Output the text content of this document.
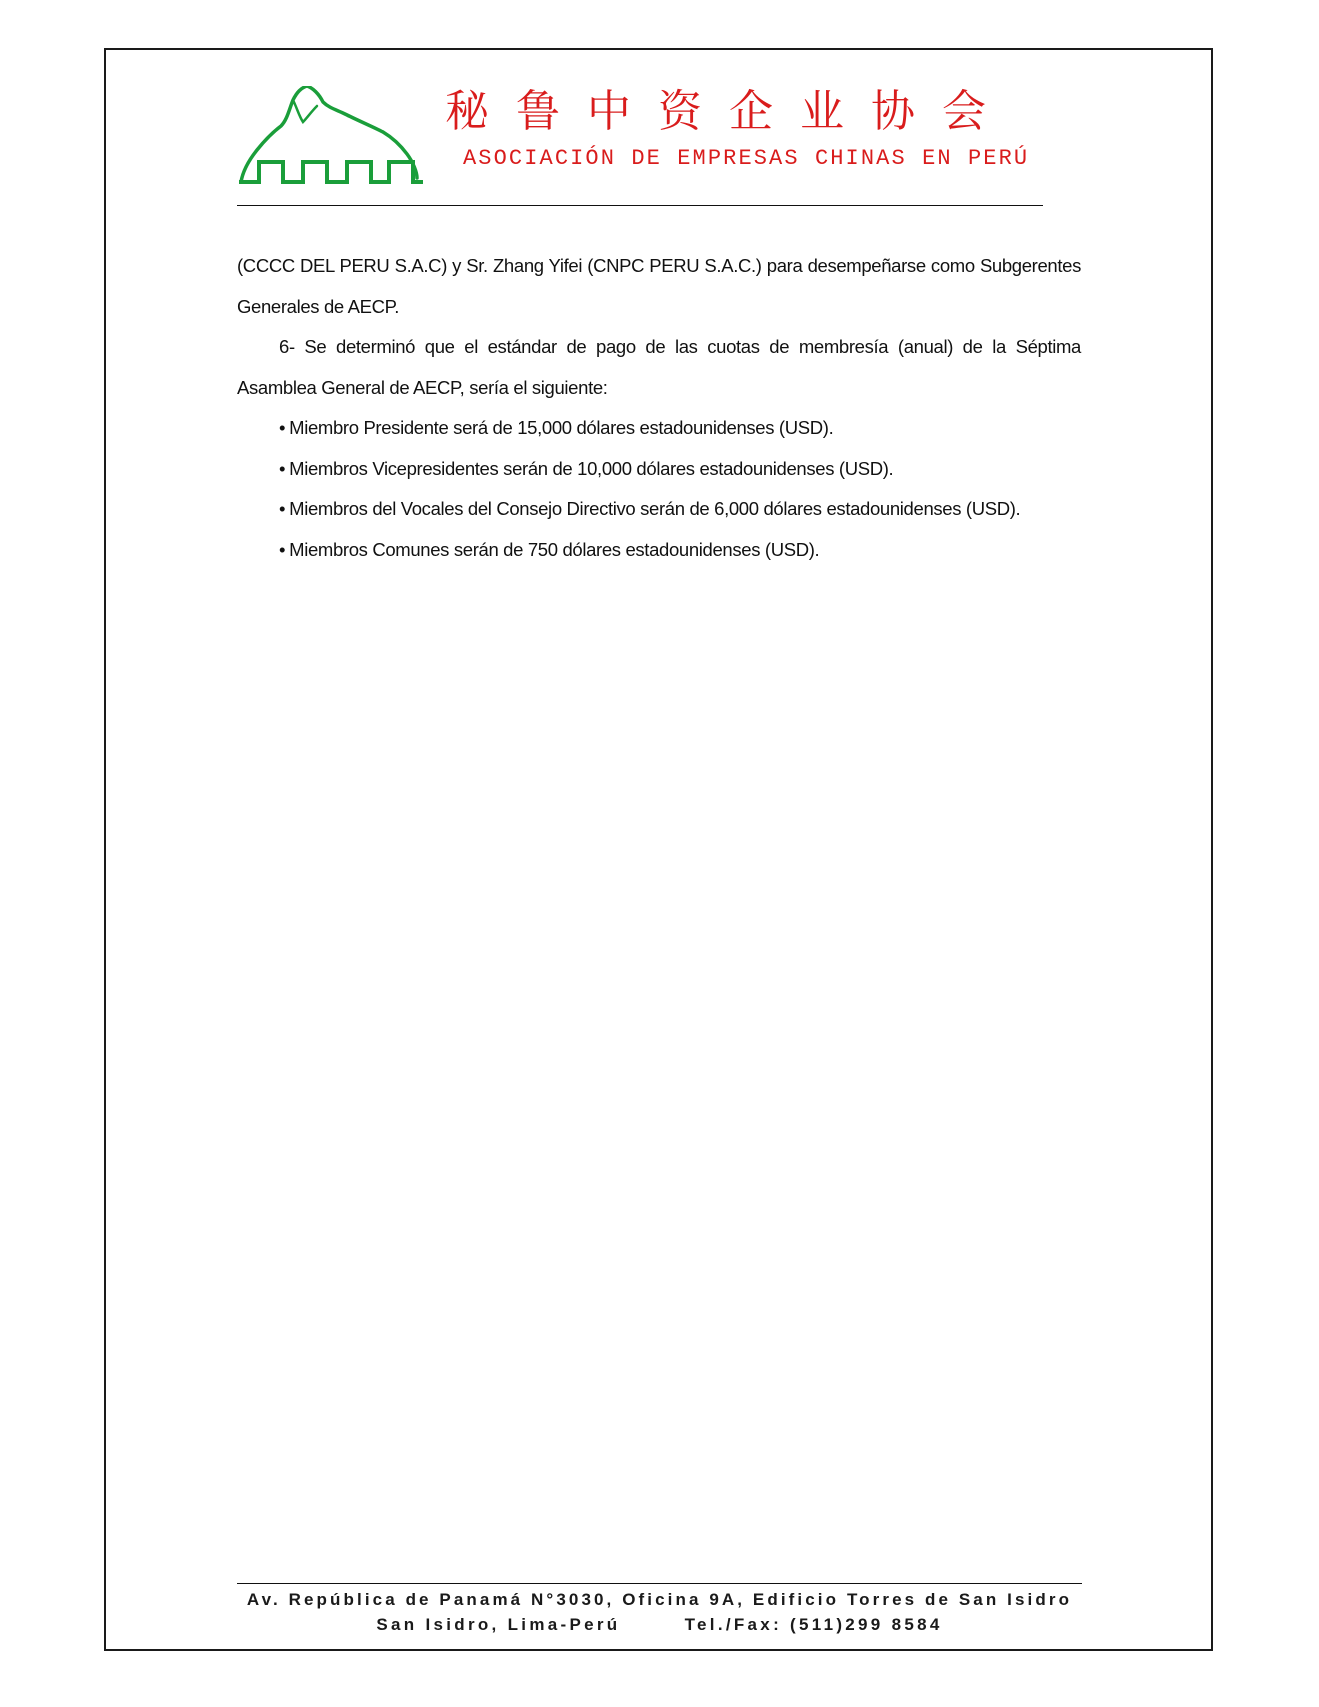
秘鲁中资企业协会
ASOCIACIÓN DE EMPRESAS CHINAS EN PERÚ

(CCCC DEL PERU S.A.C) y Sr. Zhang Yifei (CNPC PERU S.A.C.) para desempeñarse como Subgerentes Generales de AECP.

6- Se determinó que el estándar de pago de las cuotas de membresía (anual) de la Séptima Asamblea General de AECP, sería el siguiente:

• Miembro Presidente será de 15,000 dólares estadounidenses (USD).
• Miembros Vicepresidentes serán de 10,000 dólares estadounidenses (USD).
• Miembros del Vocales del Consejo Directivo serán de 6,000 dólares estadounidenses (USD).
• Miembros Comunes serán de 750 dólares estadounidenses (USD).
Av. República de Panamá N°3030, Oficina 9A, Edificio Torres de San Isidro
San Isidro, Lima-Perú        Tel./Fax: (511)299 8584
